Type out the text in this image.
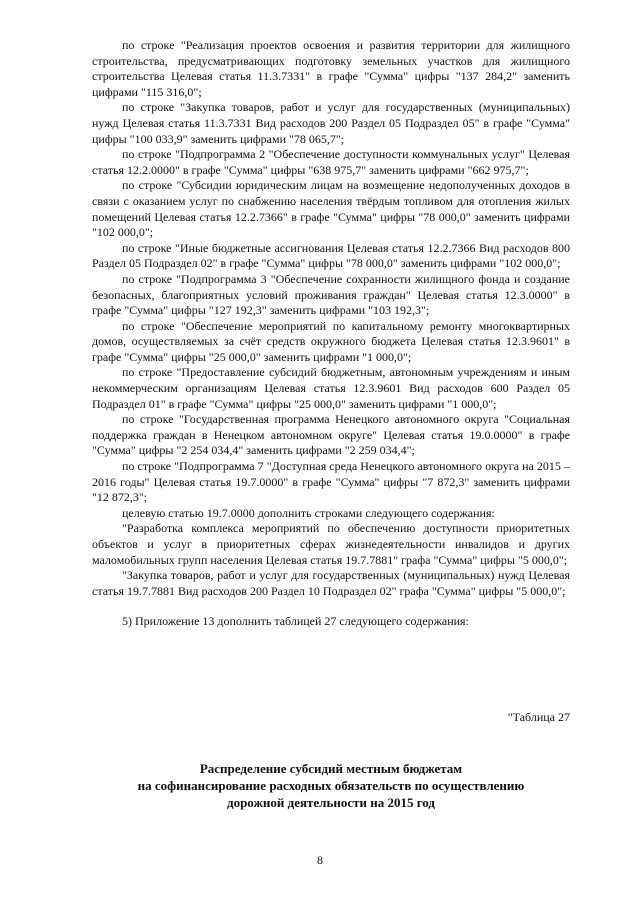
по строке "Реализация проектов освоения и развития территории для жилищного строительства, предусматривающих подготовку земельных участков для жилищного строительства Целевая статья 11.3.7331" в графе "Сумма" цифры "137 284,2" заменить цифрами "115 316,0";

по строке "Закупка товаров, работ и услуг для государственных (муниципальных) нужд Целевая статья 11.3.7331 Вид расходов 200 Раздел 05 Подраздел 05" в графе "Сумма" цифры "100 033,9" заменить цифрами "78 065,7";

по строке "Подпрограмма 2 "Обеспечение доступности коммунальных услуг" Целевая статья 12.2.0000" в графе "Сумма" цифры "638 975,7" заменить цифрами "662 975,7";

по строке "Субсидии юридическим лицам на возмещение недополученных доходов в связи с оказанием услуг по снабжению населения твёрдым топливом для отопления жилых помещений Целевая статья 12.2.7366" в графе "Сумма" цифры "78 000,0" заменить цифрами "102 000,0";

по строке "Иные бюджетные ассигнования Целевая статья 12.2.7366 Вид расходов 800 Раздел 05 Подраздел 02" в графе "Сумма" цифры "78 000,0" заменить цифрами "102 000,0";

по строке "Подпрограмма 3 "Обеспечение сохранности жилищного фонда и создание безопасных, благоприятных условий проживания граждан" Целевая статья 12.3.0000" в графе "Сумма" цифры "127 192,3" заменить цифрами "103 192,3";

по строке "Обеспечение мероприятий по капитальному ремонту многоквартирных домов, осуществляемых за счёт средств окружного бюджета Целевая статья 12.3.9601" в графе "Сумма" цифры "25 000,0" заменить цифрами "1 000,0";

по строке "Предоставление субсидий бюджетным, автономным учреждениям и иным некоммерческим организациям Целевая статья 12.3.9601 Вид расходов 600 Раздел 05 Подраздел 01" в графе "Сумма" цифры "25 000,0" заменить цифрами "1 000,0";

по строке "Государственная программа Ненецкого автономного округа "Социальная поддержка граждан в Ненецком автономном округе" Целевая статья 19.0.0000" в графе "Сумма" цифры "2 254 034,4" заменить цифрами "2 259 034,4";

по строке "Подпрограмма 7 "Доступная среда Ненецкого автономного округа на 2015 – 2016 годы" Целевая статья 19.7.0000" в графе "Сумма" цифры "7 872,3" заменить цифрами "12 872,3";

целевую статью 19.7.0000 дополнить строками следующего содержания:

"Разработка комплекса мероприятий по обеспечению доступности приоритетных объектов и услуг в приоритетных сферах жизнедеятельности инвалидов и других маломобильных групп населения Целевая статья 19.7.7881" графа "Сумма" цифры "5 000,0";

"Закупка товаров, работ и услуг для государственных (муниципальных) нужд Целевая статья 19.7.7881 Вид расходов 200 Раздел 10 Подраздел 02" графа "Сумма" цифры "5 000,0";

5) Приложение 13 дополнить таблицей 27 следующего содержания:

"Таблица 27

Распределение субсидий местным бюджетам
на софинансирование расходных обязательств по осуществлению
дорожной деятельности на 2015 год

8
